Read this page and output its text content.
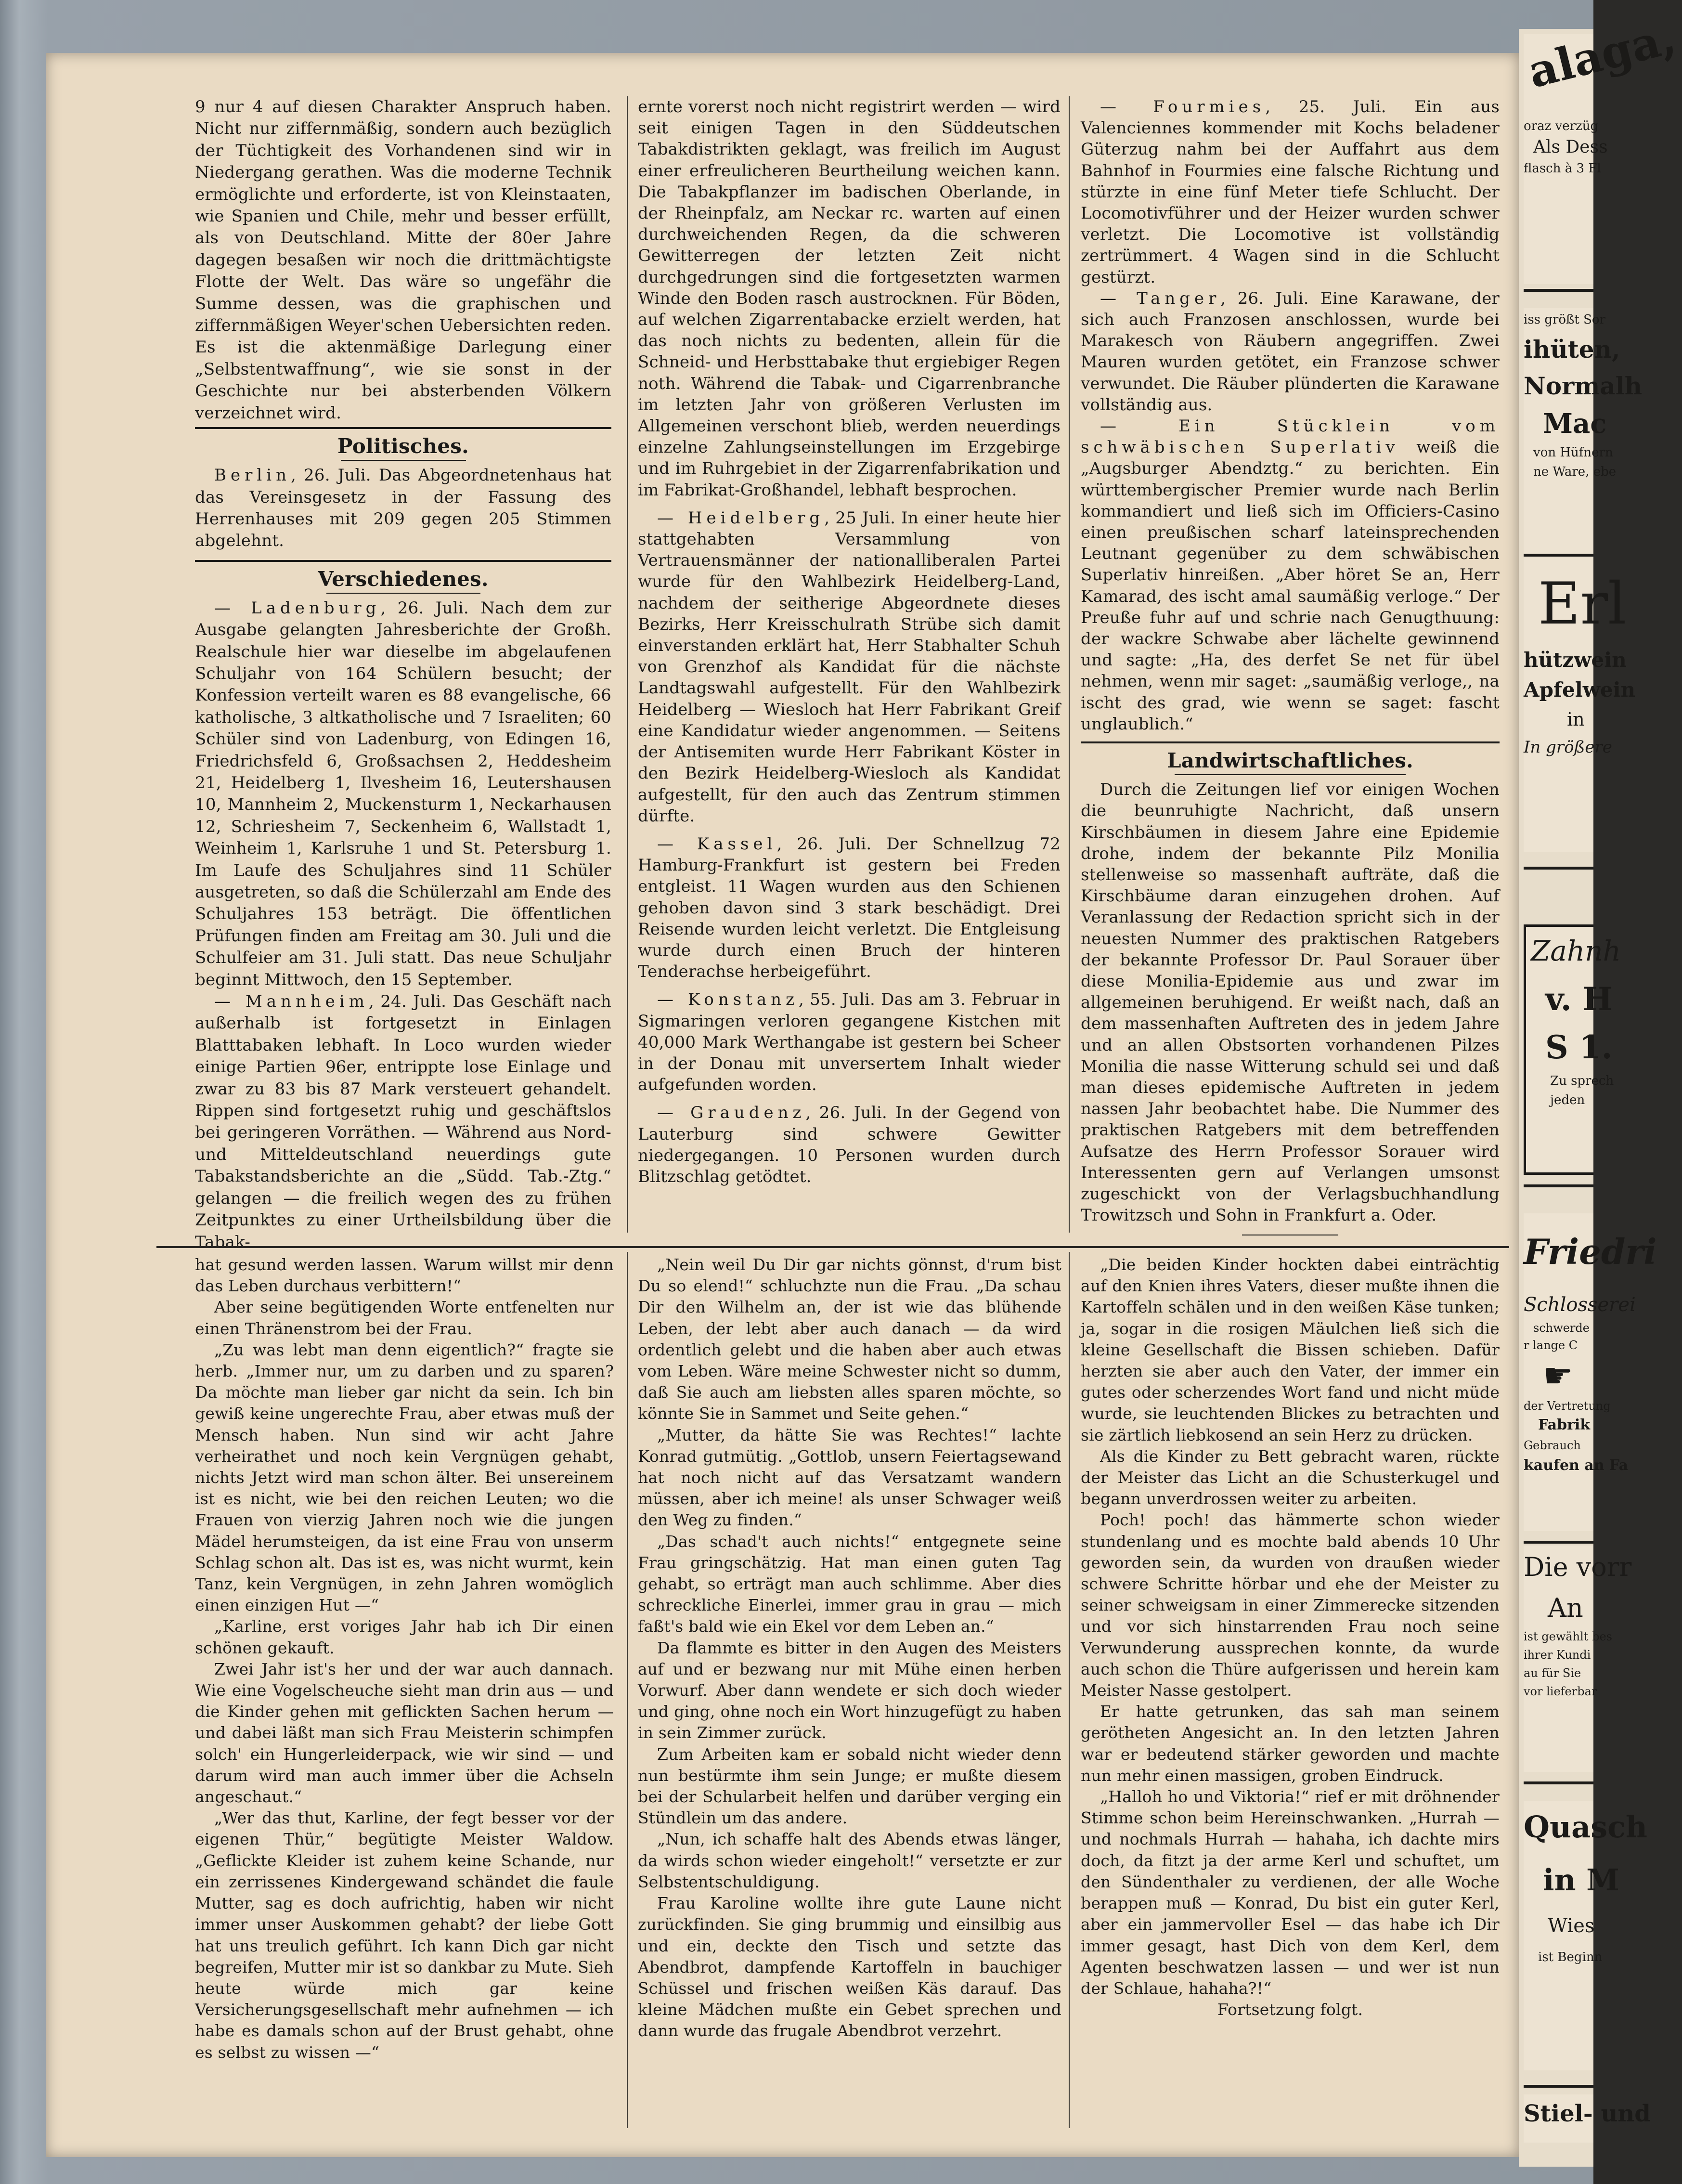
9 nur 4 auf diesen Charakter Anspruch haben. Nicht nur ziffernmäßig, sondern auch bezüglich der Tüchtigkeit des Vorhandenen sind wir in Niedergang gerathen. Was die moderne Technik ermöglichte und erforderte, ist von Kleinstaaten, wie Spanien und Chile, mehr und besser erfüllt, als von Deutschland. Mitte der 80er Jahre dagegen besaßen wir noch die drittmächtigste Flotte der Welt. Das wäre so ungefähr die Summe dessen, was die graphischen und ziffernmäßigen Weyer'schen Uebersichten reden. Es ist die aktenmäßige Darlegung einer „Selbstentwaffnung“, wie sie sonst in der Geschichte nur bei absterbenden Völkern verzeichnet wird.

Politisches.

Berlin, 26. Juli. Das Abgeordnetenhaus hat das Vereinsgesetz in der Fassung des Herrenhauses mit 209 gegen 205 Stimmen abgelehnt.

Verschiedenes.

— Ladenburg, 26. Juli. Nach dem zur Ausgabe gelangten Jahresberichte der Großh. Realschule hier war dieselbe im abgelaufenen Schuljahr von 164 Schülern besucht; der Konfession verteilt waren es 88 evangelische, 66 katholische, 3 altkatholische und 7 Israeliten; 60 Schüler sind von Ladenburg, von Edingen 16, Friedrichsfeld 6, Großsachsen 2, Heddesheim 21, Heidelberg 1, Ilvesheim 16, Leutershausen 10, Mannheim 2, Muckensturm 1, Neckarhausen 12, Schriesheim 7, Seckenheim 6, Wallstadt 1, Weinheim 1, Karlsruhe 1 und St. Petersburg 1. Im Laufe des Schuljahres sind 11 Schüler ausgetreten, so daß die Schülerzahl am Ende des Schuljahres 153 beträgt. Die öffentlichen Prüfungen finden am Freitag am 30. Juli und die Schulfeier am 31. Juli statt. Das neue Schuljahr beginnt Mittwoch, den 15 September.

— Mannheim, 24. Juli. Das Geschäft nach außerhalb ist fortgesetzt in Einlagen Blatttabaken lebhaft. In Loco wurden wieder einige Partien 96er, entrippte lose Einlage und zwar zu 83 bis 87 Mark versteuert gehandelt. Rippen sind fortgesetzt ruhig und geschäftslos bei geringeren Vorräthen. — Während aus Nord- und Mitteldeutschland neuerdings gute Tabakstandsberichte an die „Südd. Tab.-Ztg.“ gelangen — die freilich wegen des zu frühen Zeitpunktes zu einer Urtheilsbildung über die Tabak-

ernte vorerst noch nicht registrirt werden — wird seit einigen Tagen in den Süddeutschen Tabakdistrikten geklagt, was freilich im August einer erfreulicheren Beurtheilung weichen kann. Die Tabakpflanzer im badischen Oberlande, in der Rheinpfalz, am Neckar rc. warten auf einen durchweichenden Regen, da die schweren Gewitterregen der letzten Zeit nicht durchgedrungen sind die fortgesetzten warmen Winde den Boden rasch austrocknen. Für Böden, auf welchen Zigarrentabacke erzielt werden, hat das noch nichts zu bedenten, allein für die Schneid- und Herbsttabake thut ergiebiger Regen noth. Während die Tabak- und Cigarrenbranche im letzten Jahr von größeren Verlusten im Allgemeinen verschont blieb, werden neuerdings einzelne Zahlungseinstellungen im Erzgebirge und im Ruhrgebiet in der Zigarrenfabrikation und im Fabrikat-Großhandel, lebhaft besprochen.

— Heidelberg, 25 Juli. In einer heute hier stattgehabten Versammlung von Vertrauensmänner der nationalliberalen Partei wurde für den Wahlbezirk Heidelberg-Land, nachdem der seitherige Abgeordnete dieses Bezirks, Herr Kreisschulrath Strübe sich damit einverstanden erklärt hat, Herr Stabhalter Schuh von Grenzhof als Kandidat für die nächste Landtagswahl aufgestellt. Für den Wahlbezirk Heidelberg — Wiesloch hat Herr Fabrikant Greif eine Kandidatur wieder angenommen. — Seitens der Antisemiten wurde Herr Fabrikant Köster in den Bezirk Heidelberg-Wiesloch als Kandidat aufgestellt, für den auch das Zentrum stimmen dürfte.

— Kassel, 26. Juli. Der Schnellzug 72 Hamburg-Frankfurt ist gestern bei Freden entgleist. 11 Wagen wurden aus den Schienen gehoben davon sind 3 stark beschädigt. Drei Reisende wurden leicht verletzt. Die Entgleisung wurde durch einen Bruch der hinteren Tenderachse herbeigeführt.

— Konstanz, 55. Juli. Das am 3. Februar in Sigmaringen verloren gegangene Kistchen mit 40,000 Mark Werthangabe ist gestern bei Scheer in der Donau mit unversertem Inhalt wieder aufgefunden worden.

— Graudenz, 26. Juli. In der Gegend von Lauterburg sind schwere Gewitter niedergegangen. 10 Personen wurden durch Blitzschlag getödtet.

— Fourmies, 25. Juli. Ein aus Valenciennes kommender mit Kochs beladener Güterzug nahm bei der Auffahrt aus dem Bahnhof in Fourmies eine falsche Richtung und stürzte in eine fünf Meter tiefe Schlucht. Der Locomotivführer und der Heizer wurden schwer verletzt. Die Locomotive ist vollständig zertrümmert. 4 Wagen sind in die Schlucht gestürzt.

— Tanger, 26. Juli. Eine Karawane, der sich auch Franzosen anschlossen, wurde bei Marakesch von Räubern angegriffen. Zwei Mauren wurden getötet, ein Franzose schwer verwundet. Die Räuber plünderten die Karawane vollständig aus.

— Ein Stücklein vom schwäbischen Superlativ weiß die „Augsburger Abendztg.“ zu berichten. Ein württembergischer Premier wurde nach Berlin kommandiert und ließ sich im Officiers-Casino einen preußischen scharf lateinsprechenden Leutnant gegenüber zu dem schwäbischen Superlativ hinreißen. „Aber höret Se an, Herr Kamarad, des ischt amal saumäßig verloge.“ Der Preuße fuhr auf und schrie nach Genugthuung: der wackre Schwabe aber lächelte gewinnend und sagte: „Ha, des derfet Se net für übel nehmen, wenn mir saget: „saumäßig verloge,, na ischt des grad, wie wenn se saget: fascht unglaublich.“

Landwirtschaftliches.

Durch die Zeitungen lief vor einigen Wochen die beunruhigte Nachricht, daß unsern Kirschbäumen in diesem Jahre eine Epidemie drohe, indem der bekannte Pilz Monilia stellenweise so massenhaft aufträte, daß die Kirschbäume daran einzugehen drohen. Auf Veranlassung der Redaction spricht sich in der neuesten Nummer des praktischen Ratgebers der bekannte Professor Dr. Paul Sorauer über diese Monilia-Epidemie aus und zwar im allgemeinen beruhigend. Er weißt nach, daß an dem massenhaften Auftreten des in jedem Jahre und an allen Obstsorten vorhandenen Pilzes Monilia die nasse Witterung schuld sei und daß man dieses epidemische Auftreten in jedem nassen Jahr beobachtet habe. Die Nummer des praktischen Ratgebers mit dem betreffenden Aufsatze des Herrn Professor Sorauer wird Interessenten gern auf Verlangen umsonst zugeschickt von der Verlagsbuchhandlung Trowitzsch und Sohn in Frankfurt a. Oder.

hat gesund werden lassen. Warum willst mir denn das Leben durchaus verbittern!“

Aber seine begütigenden Worte entfenelten nur einen Thränenstrom bei der Frau.

„Zu was lebt man denn eigentlich?“ fragte sie herb. „Immer nur, um zu darben und zu sparen? Da möchte man lieber gar nicht da sein. Ich bin gewiß keine ungerechte Frau, aber etwas muß der Mensch haben. Nun sind wir acht Jahre verheirathet und noch kein Vergnügen gehabt, nichts Jetzt wird man schon älter. Bei unsereinem ist es nicht, wie bei den reichen Leuten; wo die Frauen von vierzig Jahren noch wie die jungen Mädel herumsteigen, da ist eine Frau von unserm Schlag schon alt. Das ist es, was nicht wurmt, kein Tanz, kein Vergnügen, in zehn Jahren womöglich einen einzigen Hut —“

„Karline, erst voriges Jahr hab ich Dir einen schönen gekauft.

Zwei Jahr ist's her und der war auch dannach. Wie eine Vogelscheuche sieht man drin aus — und die Kinder gehen mit geflickten Sachen herum — und dabei läßt man sich Frau Meisterin schimpfen solch' ein Hungerleiderpack, wie wir sind — und darum wird man auch immer über die Achseln angeschaut.“

„Wer das thut, Karline, der fegt besser vor der eigenen Thür,“ begütigte Meister Waldow. „Geflickte Kleider ist zuhem keine Schande, nur ein zerrissenes Kindergewand schändet die faule Mutter, sag es doch aufrichtig, haben wir nicht immer unser Auskommen gehabt? der liebe Gott hat uns treulich geführt. Ich kann Dich gar nicht begreifen, Mutter mir ist so dankbar zu Mute. Sieh heute würde mich gar keine Versicherungsgesellschaft mehr aufnehmen — ich habe es damals schon auf der Brust gehabt, ohne es selbst zu wissen —“

„Nein weil Du Dir gar nichts gönnst, d'rum bist Du so elend!“ schluchzte nun die Frau. „Da schau Dir den Wilhelm an, der ist wie das blühende Leben, der lebt aber auch danach — da wird ordentlich gelebt und die haben aber auch etwas vom Leben. Wäre meine Schwester nicht so dumm, daß Sie auch am liebsten alles sparen möchte, so könnte Sie in Sammet und Seite gehen.“

„Mutter, da hätte Sie was Rechtes!“ lachte Konrad gutmütig. „Gottlob, unsern Feiertagsewand hat noch nicht auf das Versatzamt wandern müssen, aber ich meine! als unser Schwager weiß den Weg zu finden.“

„Das schad't auch nichts!“ entgegnete seine Frau gringschätzig. Hat man einen guten Tag gehabt, so erträgt man auch schlimme. Aber dies schreckliche Einerlei, immer grau in grau — mich faßt's bald wie ein Ekel vor dem Leben an.“

Da flammte es bitter in den Augen des Meisters auf und er bezwang nur mit Mühe einen herben Vorwurf. Aber dann wendete er sich doch wieder und ging, ohne noch ein Wort hinzugefügt zu haben in sein Zimmer zurück.

Zum Arbeiten kam er sobald nicht wieder denn nun bestürmte ihm sein Junge; er mußte diesem bei der Schularbeit helfen und darüber verging ein Stündlein um das andere.

„Nun, ich schaffe halt des Abends etwas länger, da wirds schon wieder eingeholt!“ versetzte er zur Selbstentschuldigung.

Frau Karoline wollte ihre gute Laune nicht zurückfinden. Sie ging brummig und einsilbig aus und ein, deckte den Tisch und setzte das Abendbrot, dampfende Kartoffeln in bauchiger Schüssel und frischen weißen Käs darauf. Das kleine Mädchen mußte ein Gebet sprechen und dann wurde das frugale Abendbrot verzehrt.

„Die beiden Kinder hockten dabei einträchtig auf den Knien ihres Vaters, dieser mußte ihnen die Kartoffeln schälen und in den weißen Käse tunken; ja, sogar in die rosigen Mäulchen ließ sich die kleine Gesellschaft die Bissen schieben. Dafür herzten sie aber auch den Vater, der immer ein gutes oder scherzendes Wort fand und nicht müde wurde, sie leuchtenden Blickes zu betrachten und sie zärtlich liebkosend an sein Herz zu drücken.

Als die Kinder zu Bett gebracht waren, rückte der Meister das Licht an die Schusterkugel und begann unverdrossen weiter zu arbeiten.

Poch! poch! das hämmerte schon wieder stundenlang und es mochte bald abends 10 Uhr geworden sein, da wurden von draußen wieder schwere Schritte hörbar und ehe der Meister zu seiner schweigsam in einer Zimmerecke sitzenden und vor sich hinstarrenden Frau noch seine Verwunderung aussprechen konnte, da wurde auch schon die Thüre aufgerissen und herein kam Meister Nasse gestolpert.

Er hatte getrunken, das sah man seinem gerötheten Angesicht an. In den letzten Jahren war er bedeutend stärker geworden und machte nun mehr einen massigen, groben Eindruck.

„Halloh ho und Viktoria!“ rief er mit dröhnender Stimme schon beim Hereinschwanken. „Hurrah — und nochmals Hurrah — hahaha, ich dachte mirs doch, da fitzt ja der arme Kerl und schuftet, um den Sündenthaler zu verdienen, der alle Woche berappen muß — Konrad, Du bist ein guter Kerl, aber ein jammervoller Esel — das habe ich Dir immer gesagt, hast Dich von dem Kerl, dem Agenten beschwatzen lassen — und wer ist nun der Schlaue, hahaha?!“

Fortsetzung folgt.

alaga,
oraz verzüg
Als Dess
flasch à 3 Fl
iss größt Sor
ihüten,
Normalh
Mac
von Hüfnern
ne Ware, ebe
Erl
hützwein
Apfelwein
in
In größere
Zahnh
v. H
S 1.
Zu sprech
jeden
Friedri
Schlosserei
schwerde
r lange C
☛
der Vertretung
Fabrik
Gebrauch
kaufen an Fa
Die vorr
An
ist gewählt bes
ihrer Kundi
au für Sie
vor lieferbar
Quasch
in M
Wies
ist Beginn
Stiel- und
